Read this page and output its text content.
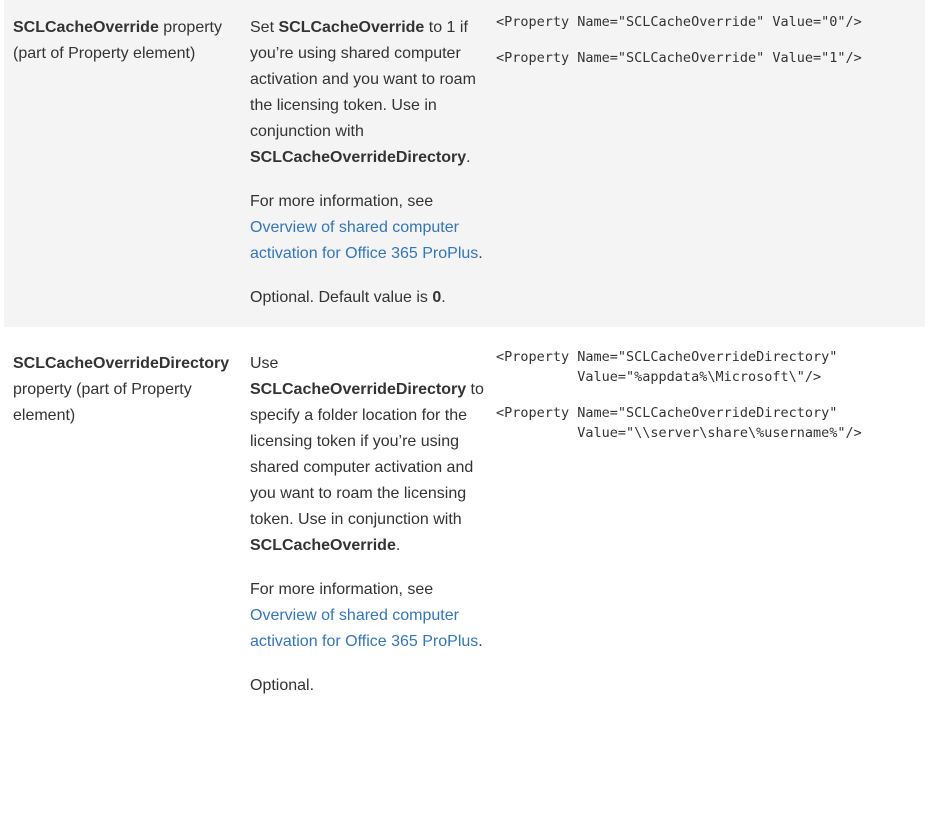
SCLCacheOverride property (part of Property element)

Set SCLCacheOverride to 1 if you’re using shared computer activation and you want to roam the licensing token. Use in conjunction with SCLCacheOverrideDirectory.

For more information, see Overview of shared computer activation for Office 365 ProPlus.

Optional. Default value is 0.

<Property Name="SCLCacheOverride" Value="0"/>
<Property Name="SCLCacheOverride" Value="1"/>
SCLCacheOverrideDirectory property (part of Property element)

Use SCLCacheOverrideDirectory to specify a folder location for the licensing token if you’re using shared computer activation and you want to roam the licensing token. Use in conjunction with SCLCacheOverride.

For more information, see Overview of shared computer activation for Office 365 ProPlus.

Optional.

<Property Name="SCLCacheOverrideDirectory"
Value="%appdata%\Microsoft\"/>
<Property Name="SCLCacheOverrideDirectory"
Value="\\server\share\%username%"/>
